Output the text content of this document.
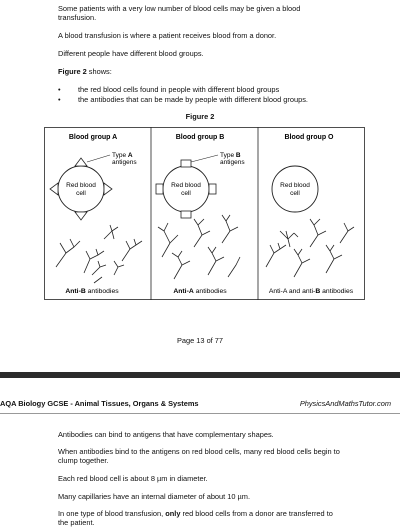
Some patients with a very low number of blood cells may be given a blood transfusion.

A blood transfusion is where a patient receives blood from a donor.

Different people have different blood groups.

Figure 2 shows:

•	the red blood cells found in people with different blood groups
•	the antibodies that can be made by people with different blood groups.
Figure 2
Blood group A	Blood group B	Blood group O
Red blood
cell
Type A
antigens
Red blood
cell
Type B
antigens
Red blood
cell
Anti-B antibodies	Anti-A antibodies	Anti-A and anti-B antibodies
Page 13 of 77
AQA Biology GCSE - Animal Tissues, Organs & Systems	PhysicsAndMathsTutor.com

Antibodies can bind to antigens that have complementary shapes.

When antibodies bind to the antigens on red blood cells, many red blood cells begin to clump together.

Each red blood cell is about 8 µm in diameter.

Many capillaries have an internal diameter of about 10 µm.

In one type of blood transfusion, only red blood cells from a donor are transferred to the patient.
